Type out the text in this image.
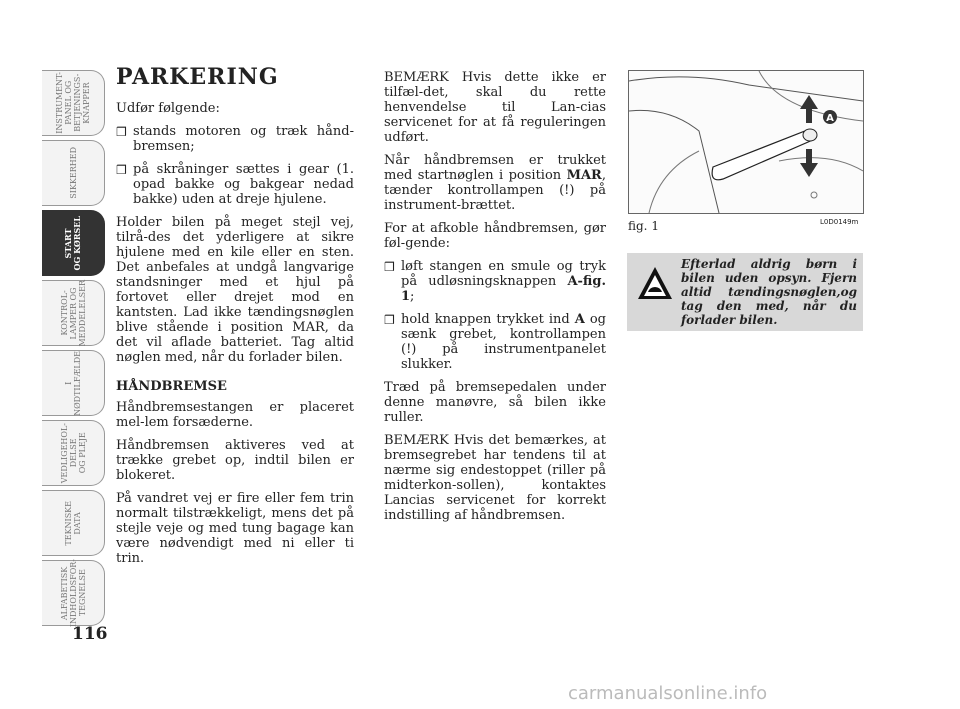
INSTRUMENT-
PANEL OG
BETJENINGS-
KNAPPER
SIKKERHED
START
OG KØRSEL
KONTROL-
LAMPER OG
MEDDELELSER
I
NØDTILFÆLDE
VEDLIGEHOL-
DELSE
OG PLEJE
TEKNISKE
DATA
ALFABETISK
INDHOLDSFOR-
TEGNELSE
116
PARKERING

Udfør følgende:

❒ stands motoren og træk hånd-bremsen;
❒ på skråninger sættes i gear (1. opad bakke og bakgear nedad bakke) uden at dreje hjulene.

Holder bilen på meget stejl vej, tilrå-des det yderligere at sikre hjulene med en kile eller en sten. Det anbefales at undgå langvarige standsninger med et hjul på fortovet eller drejet mod en kantsten. Lad ikke tændingsnøglen blive stående i position MAR, da det vil aflade batteriet. Tag altid nøglen med, når du forlader bilen.

HÅNDBREMSE

Håndbremsestangen er placeret mel-lem forsæderne.

Håndbremsen aktiveres ved at trække grebet op, indtil bilen er blokeret.

På vandret vej er fire eller fem trin normalt tilstrækkeligt, mens det på stejle veje og med tung bagage kan være nødvendigt med ni eller ti trin.

BEMÆRK Hvis dette ikke er tilfæl-det, skal du rette henvendelse til Lan-cias servicenet for at få reguleringen udført.

Når håndbremsen er trukket med startnøglen i position MAR, tænder kontrollampen (!) på instrument-brættet.

For at afkoble håndbremsen, gør føl-gende:

❒ løft stangen en smule og tryk på udløsningsknappen A-fig. 1;
❒ hold knappen trykket ind A og sænk grebet, kontrollampen (!) på instrumentpanelet slukker.

Træd på bremsepedalen under denne manøvre, så bilen ikke ruller.

BEMÆRK Hvis det bemærkes, at bremsegrebet har tendens til at nærme sig endestoppet (riller på midterkon-sollen), kontaktes Lancias servicenet for korrekt indstilling af håndbremsen.

A
fig. 1	L0D0149m
Efterlad aldrig børn i bilen uden opsyn. Fjern altid tændingsnøglen,og tag den med, når du forlader bilen.
carmanualsonline.info
